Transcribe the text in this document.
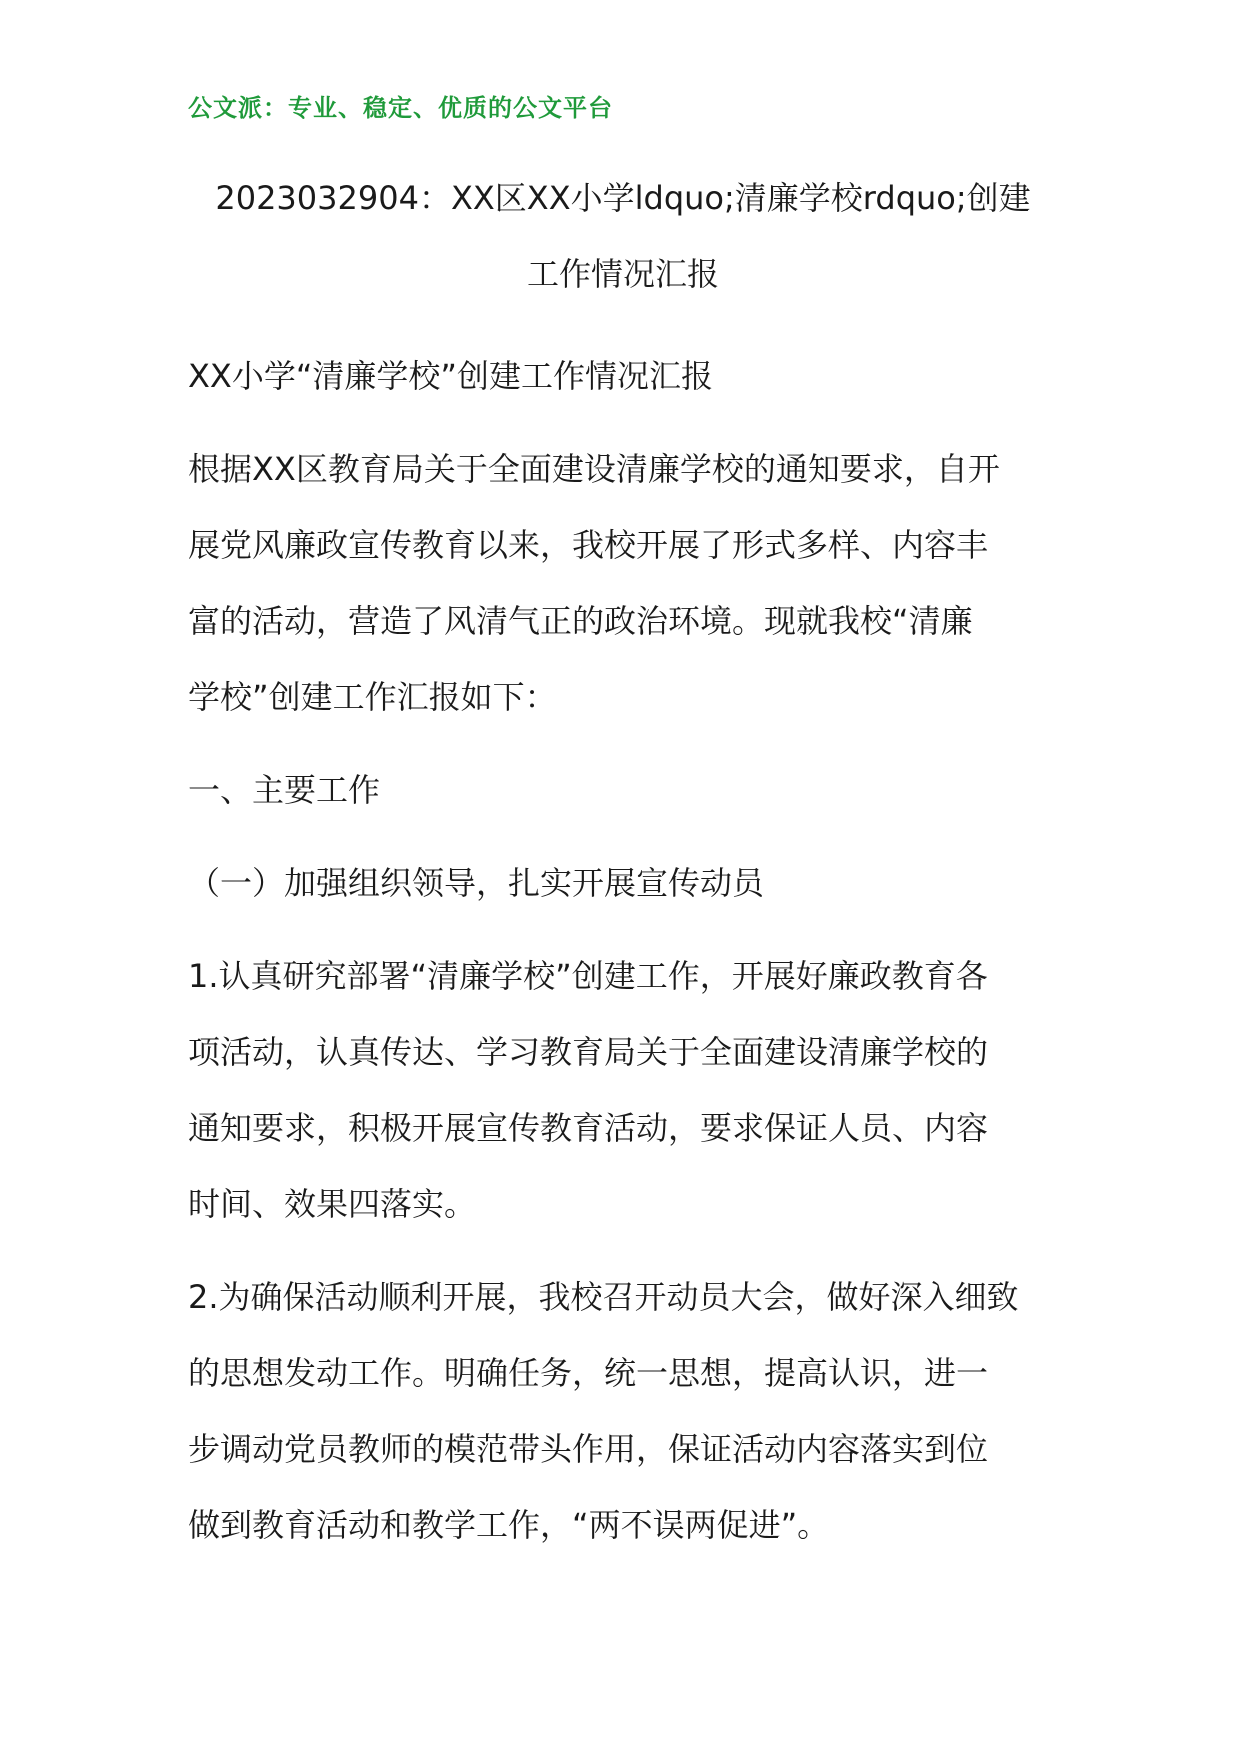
公文派：专业、稳定、优质的公文平台
2023032904：XX区XX小学ldquo;清廉学校rdquo;创建
工作情况汇报

XX小学“清廉学校”创建工作情况汇报

根据XX区教育局关于全面建设清廉学校的通知要求，自开
展党风廉政宣传教育以来，我校开展了形式多样、内容丰
富的活动，营造了风清气正的政治环境。现就我校“清廉
学校”创建工作汇报如下：

一、主要工作

（一）加强组织领导，扎实开展宣传动员

1.认真研究部署“清廉学校”创建工作，开展好廉政教育各
项活动，认真传达、学习教育局关于全面建设清廉学校的
通知要求，积极开展宣传教育活动，要求保证人员、内容
时间、效果四落实。
2.为确保活动顺利开展，我校召开动员大会，做好深入细致
的思想发动工作。明确任务，统一思想，提高认识，进一
步调动党员教师的模范带头作用，保证活动内容落实到位
做到教育活动和教学工作，“两不误两促进”。
